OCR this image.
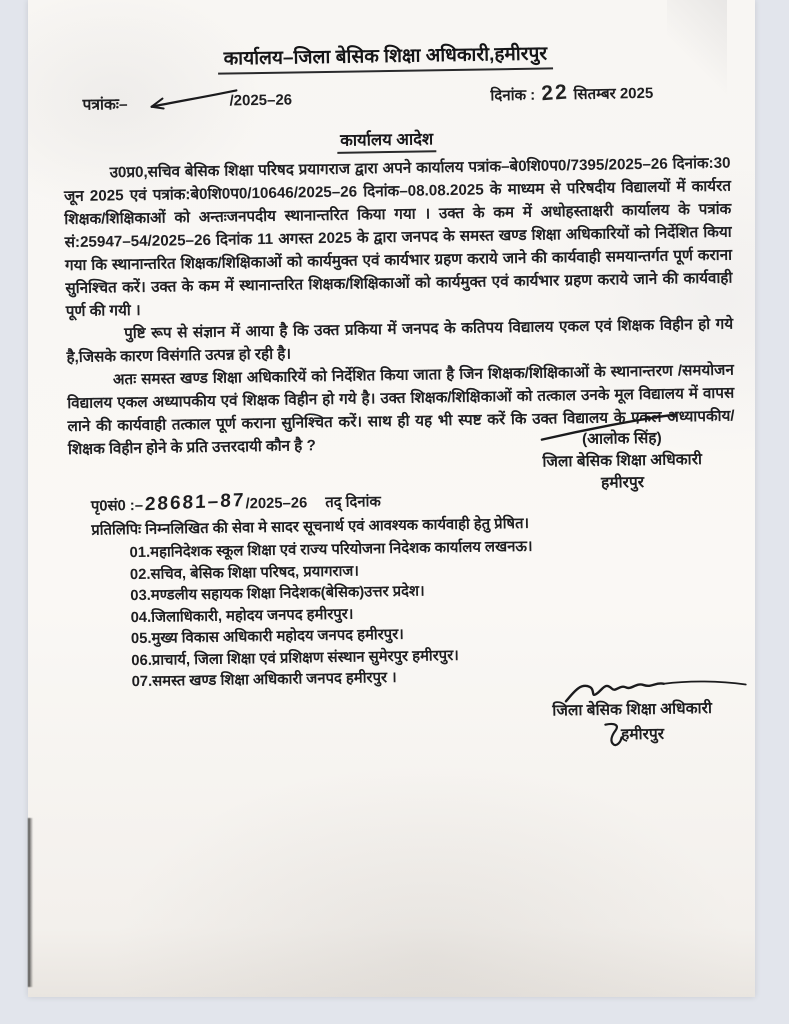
कार्यालय–जिला बेसिक शिक्षा अधिकारी,हमीरपुर
पत्रांकः–	/2025–26	दिनांक : 22 सितम्बर 2025
कार्यालय आदेश

उ0प्र0,सचिव बेसिक शिक्षा परिषद प्रयागराज द्वारा अपने कार्यालय पत्रांक–बे0शि0प0/7395/2025–26 दिनांक:30 जून 2025 एवं पत्रांक:बे0शि0प0/10646/2025–26 दिनांक–08.08.2025 के माध्यम से परिषदीय विद्यालयों में कार्यरत शिक्षक/शिक्षिकाओं को अन्तःजनपदीय स्थानान्तरित किया गया । उक्त के कम में अधोहस्ताक्षरी कार्यालय के पत्रांक सं:25947–54/2025–26 दिनांक 11 अगस्त 2025 के द्वारा जनपद के समस्त खण्ड शिक्षा अधिकारियों को निर्देशित किया गया कि स्थानान्तरित शिक्षक/शिक्षिकाओं को कार्यमुक्त एवं कार्यभार ग्रहण कराये जाने की कार्यवाही समयान्तर्गत पूर्ण कराना सुनिश्चित करें। उक्त के कम में स्थानान्तरित शिक्षक/शिक्षिकाओं को कार्यमुक्त एवं कार्यभार ग्रहण कराये जाने की कार्यवाही पूर्ण की गयी ।

पुष्टि रूप से संज्ञान में आया है कि उक्त प्रकिया में जनपद के कतिपय विद्यालय एकल एवं शिक्षक विहीन हो गये है,जिसके कारण विसंगति उत्पन्न हो रही है।

अतः समस्त खण्ड शिक्षा अधिकारियें को निर्देशित किया जाता है जिन शिक्षक/शिक्षिकाओं के स्थानान्तरण /समयोजन विद्यालय एकल अध्यापकीय एवं शिक्षक विहीन हो गये है। उक्त शिक्षक/शिक्षिकाओं को तत्काल उनके मूल विद्यालय में वापस लाने की कार्यवाही तत्काल पूर्ण कराना सुनिश्चित करें। साथ ही यह भी स्पष्ट करें कि उक्त विद्यालय के एकल अध्यापकीय/शिक्षक विहीन होने के प्रति उत्तरदायी कौन है ?	(आलोक सिंह)
जिला बेसिक शिक्षा अधिकारी
हमीरपुर
पृ0सं0 :–28681–87/2025–26 तद् दिनांक
प्रतिलिपिः निम्नलिखित की सेवा मे सादर सूचनार्थ एवं आवश्यक कार्यवाही हेतु प्रेषित।
01.महानिदेशक स्कूल शिक्षा एवं राज्य परियोजना निदेशक कार्यालय लखनऊ।
02.सचिव, बेसिक शिक्षा परिषद, प्रयागराज।
03.मण्डलीय सहायक शिक्षा निदेशक(बेसिक)उत्तर प्रदेश।
04.जिलाधिकारी, महोदय जनपद हमीरपुर।
05.मुख्य विकास अधिकारी महोदय जनपद हमीरपुर।
06.प्राचार्य, जिला शिक्षा एवं प्रशिक्षण संस्थान सुमेरपुर हमीरपुर।
07.समस्त खण्ड शिक्षा अधिकारी जनपद हमीरपुर ।
जिला बेसिक शिक्षा अधिकारी
हमीरपुर
